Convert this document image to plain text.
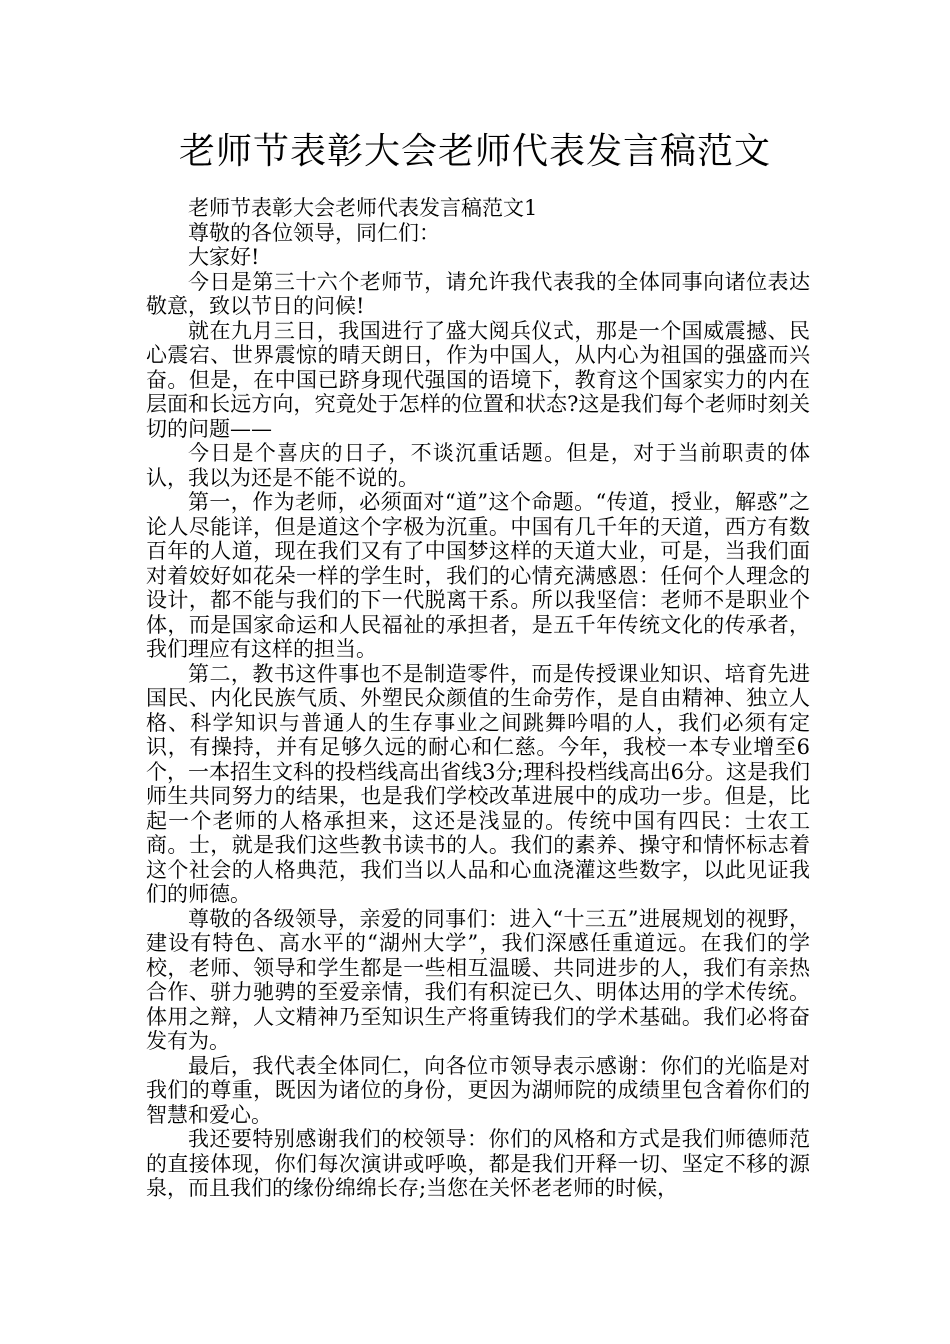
老师节表彰大会老师代表发言稿范文

老师节表彰大会老师代表发言稿范文1

尊敬的各位领导，同仁们：

大家好!

今日是第三十六个老师节，请允许我代表我的全体同事向诸位表达敬意，致以节日的问候!

就在九月三日，我国进行了盛大阅兵仪式，那是一个国威震撼、民心震宕、世界震惊的晴天朗日，作为中国人，从内心为祖国的强盛而兴奋。但是，在中国已跻身现代强国的语境下，教育这个国家实力的内在层面和长远方向，究竟处于怎样的位置和状态?这是我们每个老师时刻关切的问题——

今日是个喜庆的日子，不谈沉重话题。但是，对于当前职责的体认，我以为还是不能不说的。

第一，作为老师，必须面对“道”这个命题。“传道，授业，解惑”之论人尽能详，但是道这个字极为沉重。中国有几千年的天道，西方有数百年的人道，现在我们又有了中国梦这样的天道大业，可是，当我们面对着姣好如花朵一样的学生时，我们的心情充满感恩：任何个人理念的设计，都不能与我们的下一代脱离干系。所以我坚信：老师不是职业个体，而是国家命运和人民福祉的承担者，是五千年传统文化的传承者，我们理应有这样的担当。

第二，教书这件事也不是制造零件，而是传授课业知识、培育先进国民、内化民族气质、外塑民众颜值的生命劳作，是自由精神、独立人格、科学知识与普通人的生存事业之间跳舞吟唱的人，我们必须有定识，有操持，并有足够久远的耐心和仁慈。今年，我校一本专业增至6个，一本招生文科的投档线高出省线3分;理科投档线高出6分。这是我们师生共同努力的结果，也是我们学校改革进展中的成功一步。但是，比起一个老师的人格承担来，这还是浅显的。传统中国有四民：士农工商。士，就是我们这些教书读书的人。我们的素养、操守和情怀标志着这个社会的人格典范，我们当以人品和心血浇灌这些数字，以此见证我们的师德。

尊敬的各级领导，亲爱的同事们：进入“十三五”进展规划的视野，建设有特色、高水平的“湖州大学”，我们深感任重道远。在我们的学校，老师、领导和学生都是一些相互温暖、共同进步的人，我们有亲热合作、骈力驰骋的至爱亲情，我们有积淀已久、明体达用的学术传统。体用之辩，人文精神乃至知识生产将重铸我们的学术基础。我们必将奋发有为。

最后，我代表全体同仁，向各位市领导表示感谢：你们的光临是对我们的尊重，既因为诸位的身份，更因为湖师院的成绩里包含着你们的智慧和爱心。

我还要特别感谢我们的校领导：你们的风格和方式是我们师德师范的直接体现，你们每次演讲或呼唤，都是我们开释一切、坚定不移的源泉，而且我们的缘份绵绵长存;当您在关怀老老师的时候，
